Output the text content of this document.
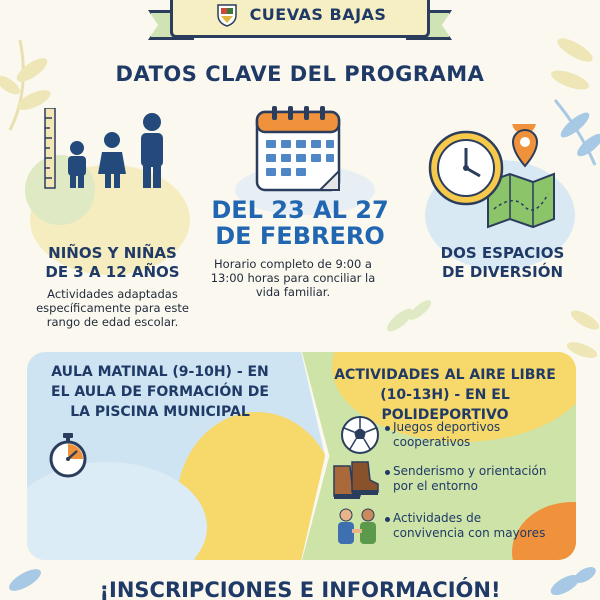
CUEVAS BAJAS
DATOS CLAVE DEL PROGRAMA
NIÑOS Y NIÑAS
DE 3 A 12 AÑOS
Actividades adaptadas específicamente para este rango de edad escolar.
DEL 23 AL 27
DE FEBRERO
Horario completo de 9:00 a 13:00 horas para conciliar la vida familiar.
DOS ESPACIOS
DE DIVERSIÓN
AULA MATINAL (9-10H) - EN
EL AULA DE FORMACIÓN DE
LA PISCINA MUNICIPAL
ACTIVIDADES AL AIRE LIBRE
(10-13H) - EN EL POLIDEPORTIVO
Juegos deportivos
cooperativos
Senderismo y orientación
por el entorno
Actividades de
convivencia con mayores
¡INSCRIPCIONES E INFORMACIÓN!
